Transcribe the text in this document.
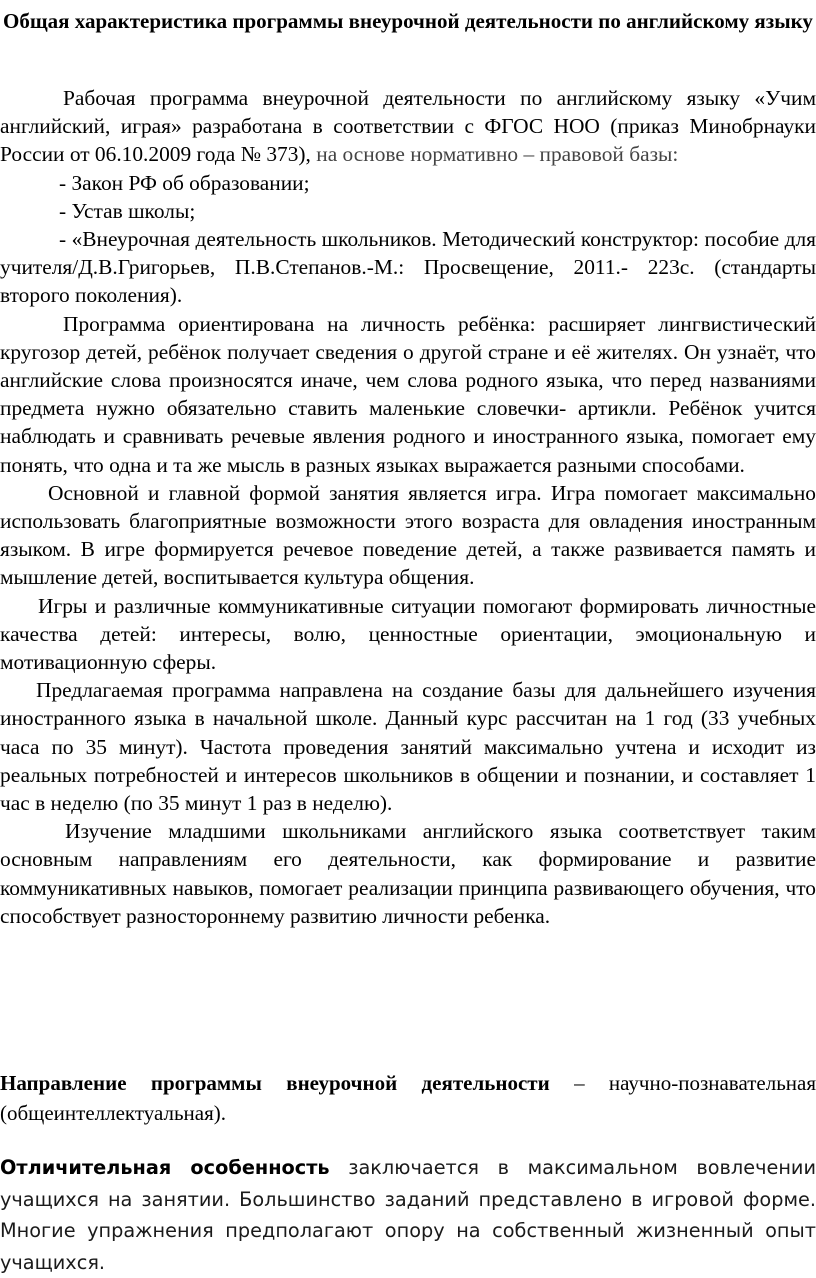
Общая характеристика программы внеурочной деятельности по английскому языку

Рабочая программа внеурочной деятельности по английскому языку «Учим английский, играя» разработана в соответствии с ФГОС НОО (приказ Минобрнауки России от 06.10.2009 года № 373), на основе нормативно – правовой базы:

- Закон РФ об образовании;

- Устав школы;

- «Внеурочная деятельность школьников. Методический конструктор: пособие для учителя/Д.В.Григорьев, П.В.Степанов.-М.: Просвещение, 2011.- 223с. (стандарты второго поколения).

Программа ориентирована на личность ребёнка: расширяет лингвистический кругозор детей, ребёнок получает сведения о другой стране и её жителях. Он узнаёт, что английские слова произносятся иначе, чем слова родного языка, что перед названиями предмета нужно обязательно ставить маленькие словечки- артикли. Ребёнок учится наблюдать и сравнивать речевые явления родного и иностранного языка, помогает ему понять, что одна и та же мысль в разных языках выражается разными способами.

Основной и главной формой занятия является игра. Игра помогает максимально использовать благоприятные возможности этого возраста для овладения иностранным языком. В игре формируется речевое поведение детей, а также развивается память и мышление детей, воспитывается культура общения.

Игры и различные коммуникативные ситуации помогают формировать личностные качества детей: интересы, волю, ценностные ориентации, эмоциональную и мотивационную сферы.

Предлагаемая программа направлена на создание базы для дальнейшего изучения иностранного языка в начальной школе. Данный курс рассчитан на 1 год (33 учебных часа по 35 минут). Частота проведения занятий максимально учтена и исходит из реальных потребностей и интересов школьников в общении и познании, и составляет 1 час в неделю (по 35 минут 1 раз в неделю).

Изучение младшими школьниками английского языка соответствует таким основным направлениям его деятельности, как формирование и развитие коммуникативных навыков, помогает реализации принципа развивающего обучения, что способствует разностороннему развитию личности ребенка.

Направление программы внеурочной деятельности – научно-познавательная (общеинтеллектуальная).
Отличительная особенность заключается в максимальном вовлечении учащихся на занятии. Большинство заданий представлено в игровой форме. Многие упражнения предполагают опору на собственный жизненный опыт учащихся.
